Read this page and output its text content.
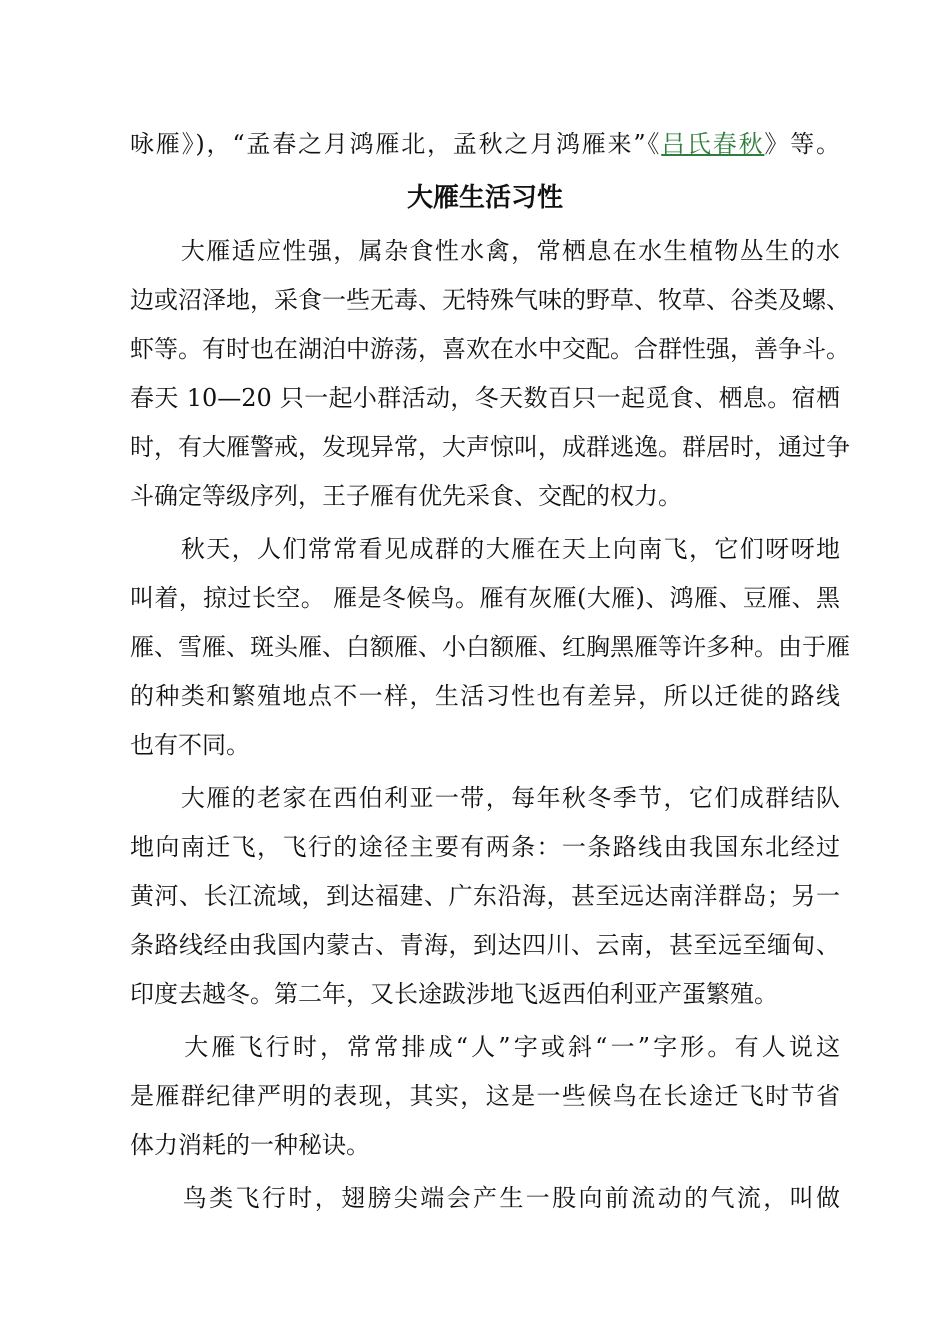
咏雁》)，“孟春之月鸿雁北，孟秋之月鸿雁来”《吕氏春秋》等。
大雁生活习性
　　大雁适应性强，属杂食性水禽，常栖息在水生植物丛生的水
边或沼泽地，采食一些无毒、无特殊气味的野草、牧草、谷类及螺、
虾等。有时也在湖泊中游荡，喜欢在水中交配。合群性强，善争斗。
春天 10—20 只一起小群活动，冬天数百只一起觅食、栖息。宿栖
时，有大雁警戒，发现异常，大声惊叫，成群逃逸。群居时，通过争
斗确定等级序列，王子雁有优先采食、交配的权力。
　　秋天，人们常常看见成群的大雁在天上向南飞，它们呀呀地
叫着，掠过长空。 雁是冬候鸟。雁有灰雁(大雁)、鸿雁、豆雁、黑
雁、雪雁、斑头雁、白额雁、小白额雁、红胸黑雁等许多种。由于雁
的种类和繁殖地点不一样，生活习性也有差异，所以迁徙的路线
也有不同。
　　大雁的老家在西伯利亚一带，每年秋冬季节，它们成群结队
地向南迁飞，飞行的途径主要有两条：一条路线由我国东北经过
黄河、长江流域，到达福建、广东沿海，甚至远达南洋群岛；另一
条路线经由我国内蒙古、青海，到达四川、云南，甚至远至缅甸、
印度去越冬。第二年，又长途跋涉地飞返西伯利亚产蛋繁殖。
　　大雁飞行时，常常排成“人”字或斜“一”字形。有人说这
是雁群纪律严明的表现，其实，这是一些候鸟在长途迁飞时节省
体力消耗的一种秘诀。
　　鸟类飞行时，翅膀尖端会产生一股向前流动的气流，叫做
